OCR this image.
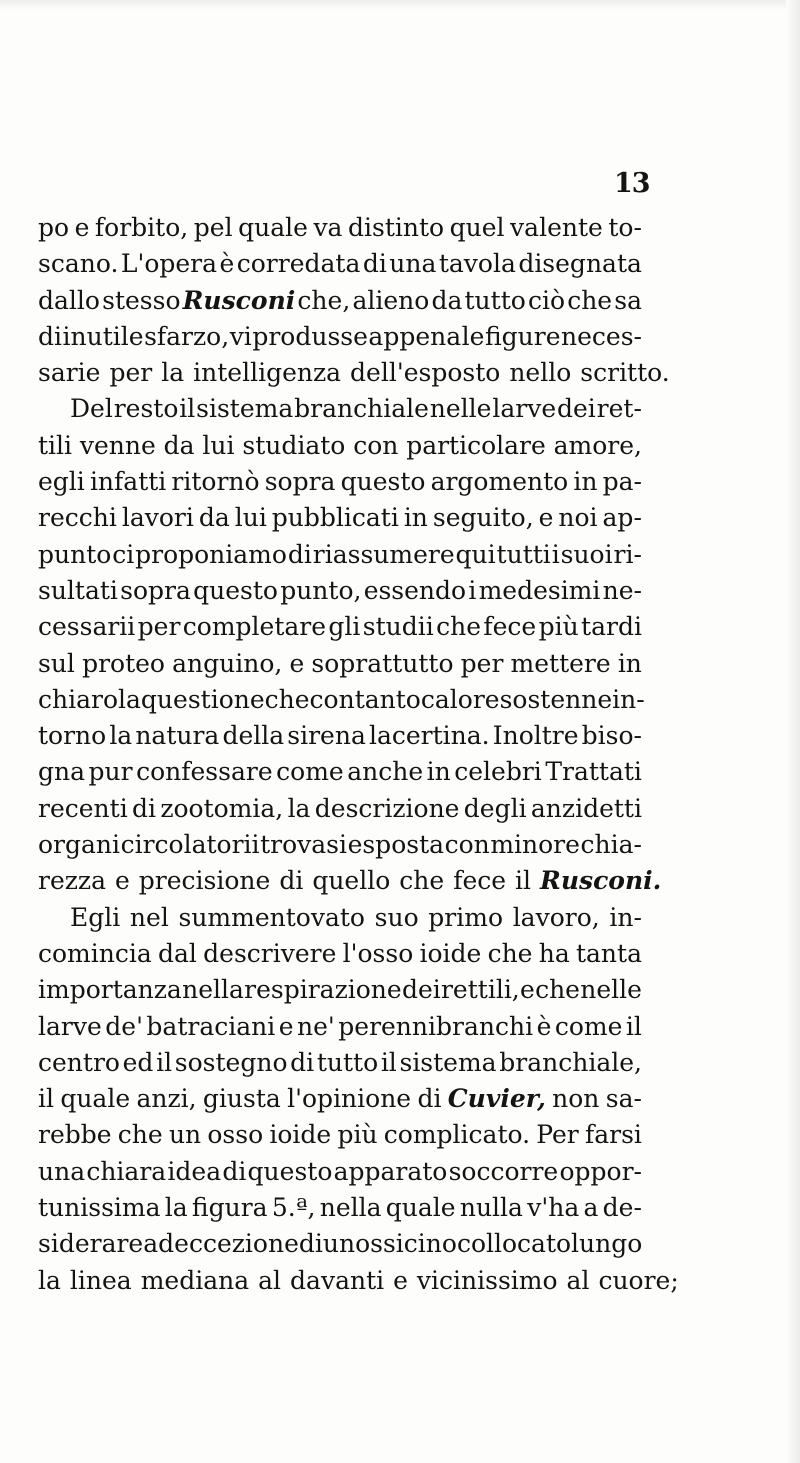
13
po e forbito, pel quale va distinto quel valente to-
scano. L'opera è corredata di una tavola disegnata
dallo stesso Rusconi che, alieno da tutto ciò che sa
di inutile sfarzo, vi produsse appena le figure neces-
sarie per la intelligenza dell'esposto nello scritto.
Del resto il sistema branchiale nelle larve dei ret-
tili venne da lui studiato con particolare amore,
egli infatti ritornò sopra questo argomento in pa-
recchi lavori da lui pubblicati in seguito, e noi ap-
punto ci proponiamo di riassumere qui tutti i suoi ri-
sultati sopra questo punto, essendo i medesimi ne-
cessarii per completare gli studii che fece più tardi
sul proteo anguino, e soprattutto per mettere in
chiaro la questione che con tanto calore sostenne in-
torno la natura della sirena lacertina. Inoltre biso-
gna pur confessare come anche in celebri Trattati
recenti di zootomia, la descrizione degli anzidetti
organi circolatorii trovasi esposta con minore chia-
rezza e precisione di quello che fece il Rusconi.
Egli nel summentovato suo primo lavoro, in-
comincia dal descrivere l'osso ioide che ha tanta
importanza nella respirazione dei rettili, e che nelle
larve de' batraciani e ne' perennibranchi è come il
centro ed il sostegno di tutto il sistema branchiale,
il quale anzi, giusta l'opinione di Cuvier, non sa-
rebbe che un osso ioide più complicato. Per farsi
una chiara idea di questo apparato soccorre oppor-
tunissima la figura 5.ª, nella quale nulla v'ha a de-
siderare ad eccezione di un ossicino collocato lungo
la linea mediana al davanti e vicinissimo al cuore;
